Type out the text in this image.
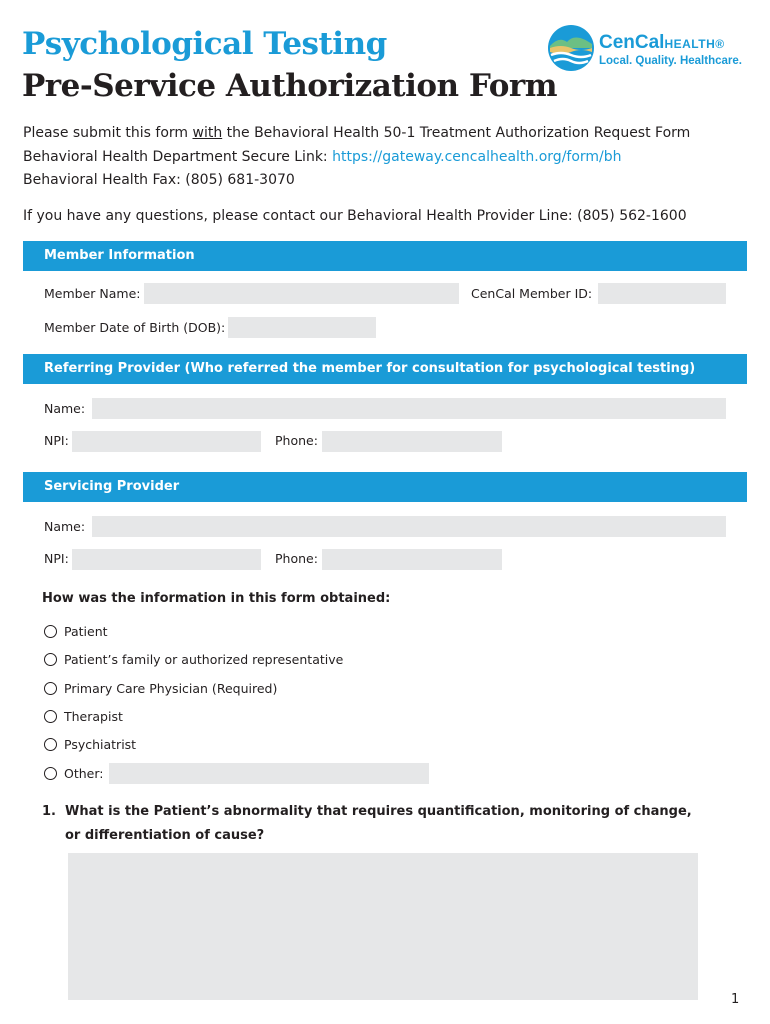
Psychological Testing
Pre-Service Authorization Form
CenCalHEALTH®
Local. Quality. Healthcare.
Please submit this form with the Behavioral Health 50-1 Treatment Authorization Request Form
Behavioral Health Department Secure Link: https://gateway.cencalhealth.org/form/bh
Behavioral Health Fax: (805) 681-3070
If you have any questions, please contact our Behavioral Health Provider Line: (805) 562-1600
Member Information
Member Name:	CenCal Member ID:
Member Date of Birth (DOB):
Referring Provider (Who referred the member for consultation for psychological testing)
Name:
NPI:	Phone:
Servicing Provider
Name:
NPI:	Phone:
How was the information in this form obtained:
Patient
Patient’s family or authorized representative
Primary Care Physician (Required)
Therapist
Psychiatrist
Other:
1. What is the Patient’s abnormality that requires quantification, monitoring of change,
or differentiation of cause?
1
